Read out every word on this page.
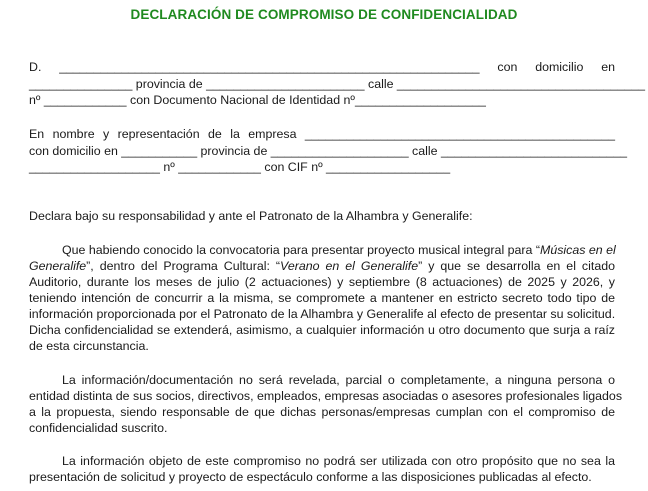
DECLARACIÓN DE COMPROMISO DE CONFIDENCIALIDAD
D. _____________________________________________________________ con domicilio en
_______________ provincia de _______________________ calle ____________________________________
nº ____________ con Documento Nacional de Identidad nº___________________
En nombre y representación de la empresa _____________________________________________
con domicilio en ___________ provincia de ____________________ calle ___________________________
___________________ nº ____________ con CIF nº __________________
Declara bajo su responsabilidad y ante el Patronato de la Alhambra y Generalife:
Que habiendo conocido la convocatoria para presentar proyecto musical integral para “Músicas en el
Generalife”, dentro del Programa Cultural: “Verano en el Generalife” y que se desarrolla en el citado
Auditorio, durante los meses de julio (2 actuaciones) y septiembre (8 actuaciones) de 2025 y 2026, y
teniendo intención de concurrir a la misma, se compromete a mantener en estricto secreto todo tipo de
información proporcionada por el Patronato de la Alhambra y Generalife al efecto de presentar su solicitud.
Dicha confidencialidad se extenderá, asimismo, a cualquier información u otro documento que surja a raíz
de esta circunstancia.
La información/documentación no será revelada, parcial o completamente, a ninguna persona o
entidad distinta de sus socios, directivos, empleados, empresas asociadas o asesores profesionales ligados
a la propuesta, siendo responsable de que dichas personas/empresas cumplan con el compromiso de
confidencialidad suscrito.
La información objeto de este compromiso no podrá ser utilizada con otro propósito que no sea la
presentación de solicitud y proyecto de espectáculo conforme a las disposiciones publicadas al efecto.
